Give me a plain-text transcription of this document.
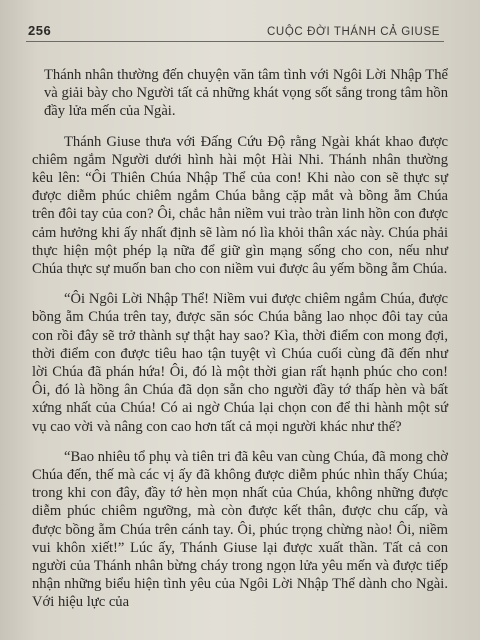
256	CUỘC ĐỜI THÁNH CẢ GIUSE

Thánh nhân thường đến chuyện văn tâm tình với Ngôi Lời Nhập Thể và giải bày cho Người tất cả những khát vọng sốt sắng trong tâm hồn đầy lửa mến của Ngài.

Thánh Giuse thưa với Đấng Cứu Độ rằng Ngài khát khao được chiêm ngắm Người dưới hình hài một Hài Nhi. Thánh nhân thường kêu lên: “Ôi Thiên Chúa Nhập Thể của con! Khi nào con sẽ thực sự được diễm phúc chiêm ngắm Chúa bằng cặp mắt và bồng ẵm Chúa trên đôi tay của con? Ôi, chắc hẳn niềm vui trào tràn linh hồn con được cảm hưởng khi ấy nhất định sẽ làm nó lìa khỏi thân xác này. Chúa phải thực hiện một phép lạ nữa để giữ gìn mạng sống cho con, nếu như Chúa thực sự muốn ban cho con niềm vui được âu yếm bồng ẵm Chúa.

“Ôi Ngôi Lời Nhập Thể! Niềm vui được chiêm ngắm Chúa, được bồng ẵm Chúa trên tay, được săn sóc Chúa bằng lao nhọc đôi tay của con rồi đây sẽ trở thành sự thật hay sao? Kìa, thời điểm con mong đợi, thời điểm con được tiêu hao tận tuyệt vì Chúa cuối cùng đã đến như lời Chúa đã phán hứa! Ôi, đó là một thời gian rất hạnh phúc cho con! Ôi, đó là hồng ân Chúa đã dọn sẵn cho người đầy tớ thấp hèn và bất xứng nhất của Chúa! Có ai ngờ Chúa lại chọn con để thi hành một sứ vụ cao vời và nâng con cao hơn tất cả mọi người khác như thế?

“Bao nhiêu tổ phụ và tiên tri đã kêu van cùng Chúa, đã mong chờ Chúa đến, thế mà các vị ấy đã không được diễm phúc nhìn thấy Chúa; trong khi con đây, đầy tớ hèn mọn nhất của Chúa, không những được diễm phúc chiêm ngưỡng, mà còn được kết thân, được chu cấp, và được bồng ẵm Chúa trên cánh tay. Ôi, phúc trọng chừng nào! Ôi, niềm vui khôn xiết!” Lúc ấy, Thánh Giuse lại được xuất thần. Tất cả con người của Thánh nhân bừng cháy trong ngọn lửa yêu mến và được tiếp nhận những biểu hiện tình yêu của Ngôi Lời Nhập Thể dành cho Ngài. Với hiệu lực của
